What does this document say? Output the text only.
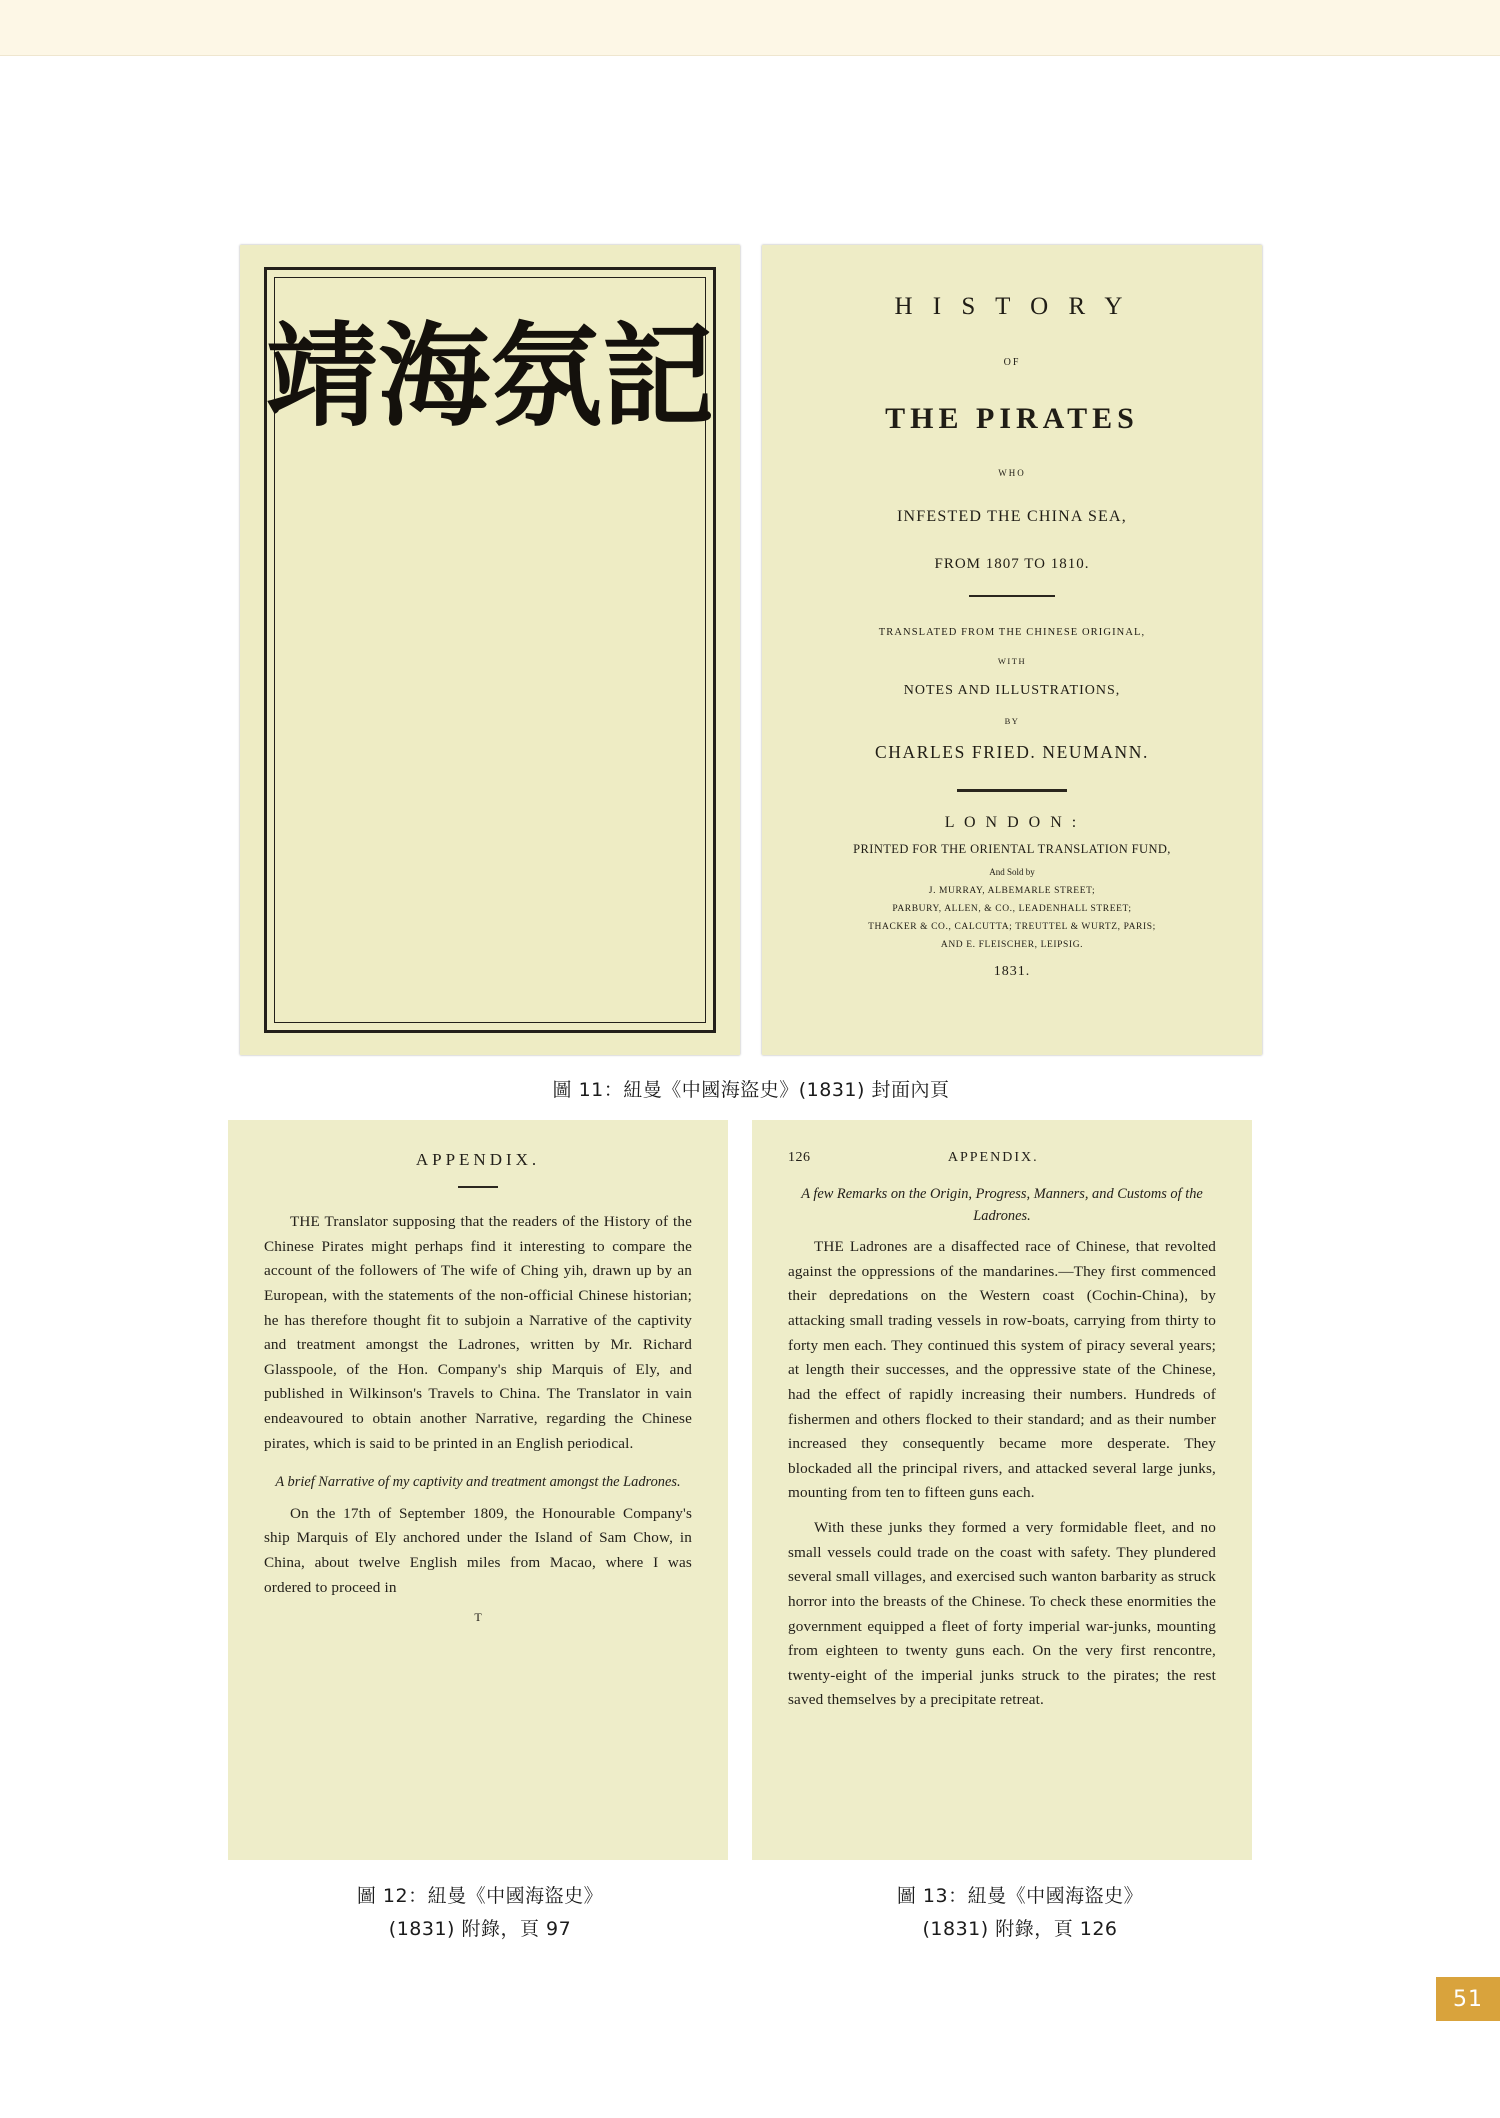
靖海氛記
H I S T O R Y
OF
THE PIRATES
WHO
INFESTED THE CHINA SEA,
FROM 1807 TO 1810.
TRANSLATED FROM THE CHINESE ORIGINAL,
WITH
NOTES AND ILLUSTRATIONS,
BY
CHARLES FRIED. NEUMANN.
L O N D O N :
PRINTED FOR THE ORIENTAL TRANSLATION FUND,
And Sold by
J. MURRAY, ALBEMARLE STREET;
PARBURY, ALLEN, & CO., LEADENHALL STREET;
THACKER & CO., CALCUTTA; TREUTTEL & WURTZ, PARIS;
AND E. FLEISCHER, LEIPSIG.
1831.
圖 11：紐曼《中國海盜史》(1831) 封面內頁
APPENDIX.

THE Translator supposing that the readers of the History of the Chinese Pirates might perhaps find it interesting to compare the account of the followers of The wife of Ching yih, drawn up by an European, with the statements of the non-official Chinese historian; he has therefore thought fit to subjoin a Narrative of the captivity and treatment amongst the Ladrones, written by Mr. Richard Glasspoole, of the Hon. Company's ship Marquis of Ely, and published in Wilkinson's Travels to China. The Translator in vain endeavoured to obtain another Narrative, regarding the Chinese pirates, which is said to be printed in an English periodical.

A brief Narrative of my captivity and treatment amongst the Ladrones.

On the 17th of September 1809, the Honourable Company's ship Marquis of Ely anchored under the Island of Sam Chow, in China, about twelve English miles from Macao, where I was ordered to proceed in

T
126	APPENDIX.
A few Remarks on the Origin, Progress, Manners, and Customs of the Ladrones.

THE Ladrones are a disaffected race of Chinese, that revolted against the oppressions of the mandarines.—They first commenced their depredations on the Western coast (Cochin-China), by attacking small trading vessels in row-boats, carrying from thirty to forty men each. They continued this system of piracy several years; at length their successes, and the oppressive state of the Chinese, had the effect of rapidly increasing their numbers. Hundreds of fishermen and others flocked to their standard; and as their number increased they consequently became more desperate. They blockaded all the principal rivers, and attacked several large junks, mounting from ten to fifteen guns each.

With these junks they formed a very formidable fleet, and no small vessels could trade on the coast with safety. They plundered several small villages, and exercised such wanton barbarity as struck horror into the breasts of the Chinese. To check these enormities the government equipped a fleet of forty imperial war-junks, mounting from eighteen to twenty guns each. On the very first rencontre, twenty-eight of the imperial junks struck to the pirates; the rest saved themselves by a precipitate retreat.

圖 12：紐曼《中國海盜史》
(1831) 附錄，頁 97
圖 13：紐曼《中國海盜史》
(1831) 附錄，頁 126
51
